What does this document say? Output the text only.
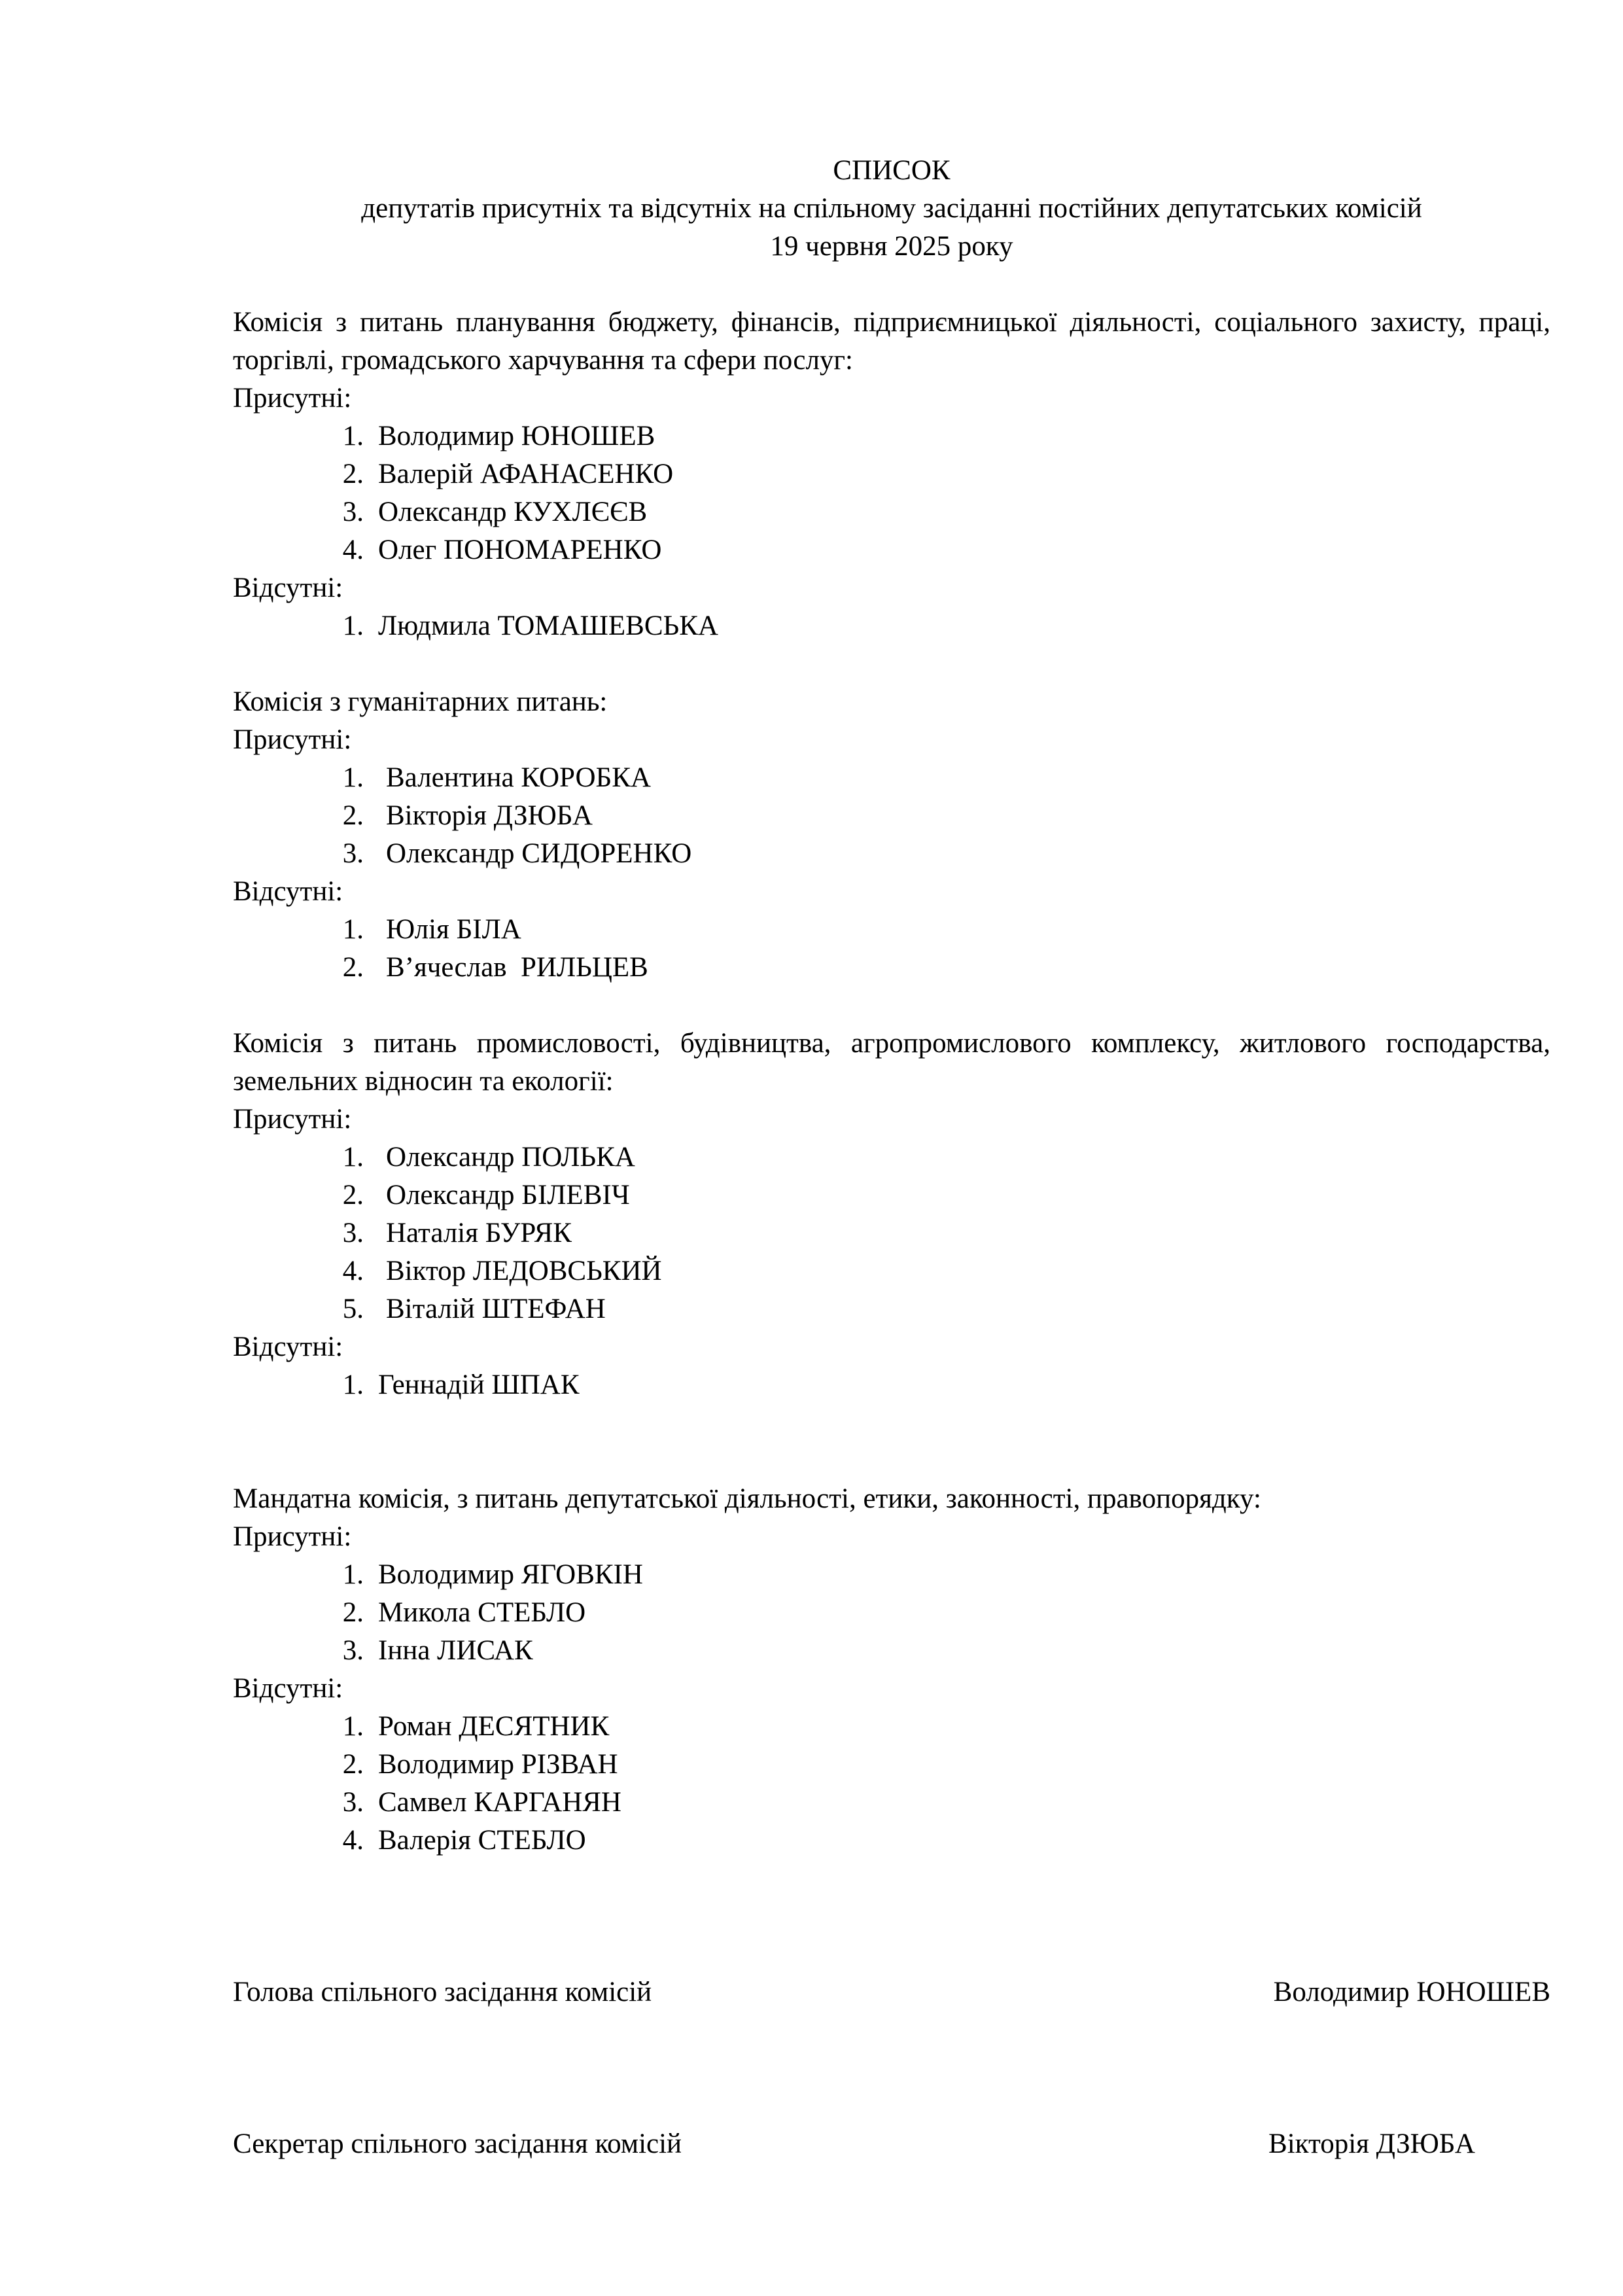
СПИСОК
депутатів присутніх та відсутніх на спільному засіданні постійних депутатських комісій
19 червня 2025 року
Комісія з питань планування бюджету, фінансів, підприємницької діяльності, соціального захисту, праці, торгівлі, громадського харчування та сфери послуг:
Присутні:
1. Володимир ЮНОШЕВ
2. Валерій АФАНАСЕНКО
3. Олександр КУХЛЄЄВ
4. Олег ПОНОМАРЕНКО
Відсутні:
1. Людмила ТОМАШЕВСЬКА
Комісія з гуманітарних питань:
Присутні:
1. Валентина КОРОБКА
2. Вікторія ДЗЮБА
3. Олександр СИДОРЕНКО
Відсутні:
1. Юлія БІЛА
2. В’ячеслав  РИЛЬЦЕВ
Комісія з питань промисловості, будівництва, агропромислового комплексу, житлового господарства, земельних відносин та екології:
Присутні:
1. Олександр ПОЛЬКА
2. Олександр БІЛЕВІЧ
3. Наталія БУРЯК
4. Віктор ЛЕДОВСЬКИЙ
5. Віталій ШТЕФАН
Відсутні:
1. Геннадій ШПАК
Мандатна комісія, з питань депутатської діяльності, етики, законності, правопорядку:
Присутні:
1. Володимир ЯГОВКІН
2. Микола СТЕБЛО
3. Інна ЛИСАК
Відсутні:
1. Роман ДЕСЯТНИК
2. Володимир РІЗВАН
3. Самвел КАРГАНЯН
4. Валерія СТЕБЛО
Голова спільного засідання комісій	Володимир ЮНОШЕВ
Секретар спільного засідання комісій	Вікторія ДЗЮБА
